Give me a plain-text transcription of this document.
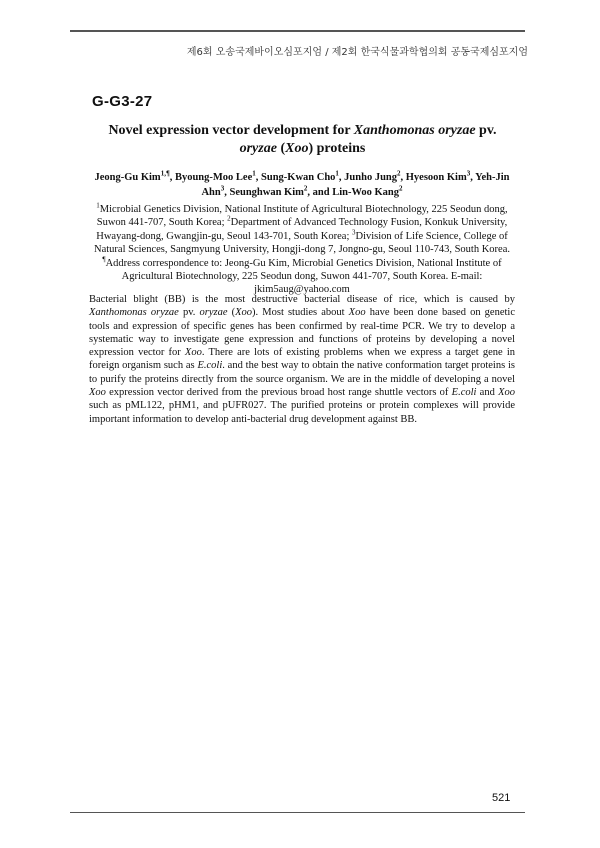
제6회 오송국제바이오심포지엄 / 제2회 한국식물과학협의회 공동국제심포지엄
G-G3-27
Novel expression vector development for Xanthomonas oryzae pv.
oryzae (Xoo) proteins
Jeong-Gu Kim$^{1,\P}$, Byoung-Moo Lee$^1$, Sung-Kwan Cho$^1$, Junho Jung$^2$, Hyesoon Kim$^3$, Yeh-Jin Ahn$^3$, Seunghwan Kim$^2$, and Lin-Woo Kang$^2$
$^1$Microbial Genetics Division, National Institute of Agricultural Biotechnology, 225 Seodun dong, Suwon 441-707, South Korea; $^2$Department of Advanced Technology Fusion, Konkuk University, Hwayang-dong, Gwangjin-gu, Seoul 143-701, South Korea; $^3$Division of Life Science, College of Natural Sciences, Sangmyung University, Hongji-dong 7, Jongno-gu, Seoul 110-743, South Korea.
¶Address correspondence to: Jeong-Gu Kim, Microbial Genetics Division, National Institute of Agricultural Biotechnology, 225 Seodun dong, Suwon 441-707, South Korea. E-mail:
jkim5aug@yahoo.com
Bacterial blight (BB) is the most destructive bacterial disease of rice, which is caused by Xanthomonas oryzae pv. oryzae (Xoo). Most studies about Xoo have been done based on genetic tools and expression of specific genes has been confirmed by real-time PCR. We try to develop a systematic way to investigate gene expression and functions of proteins by developing a novel expression vector for Xoo. There are lots of existing problems when we express a target gene in foreign organism such as E.coli. and the best way to obtain the native conformation target proteins is to purify the proteins directly from the source organism. We are in the middle of developing a novel Xoo expression vector derived from the previous broad host range shuttle vectors of E.coli and Xoo such as pML122, pHM1, and pUFR027. The purified proteins or protein complexes will provide important information to develop anti-bacterial drug development against BB.
521
